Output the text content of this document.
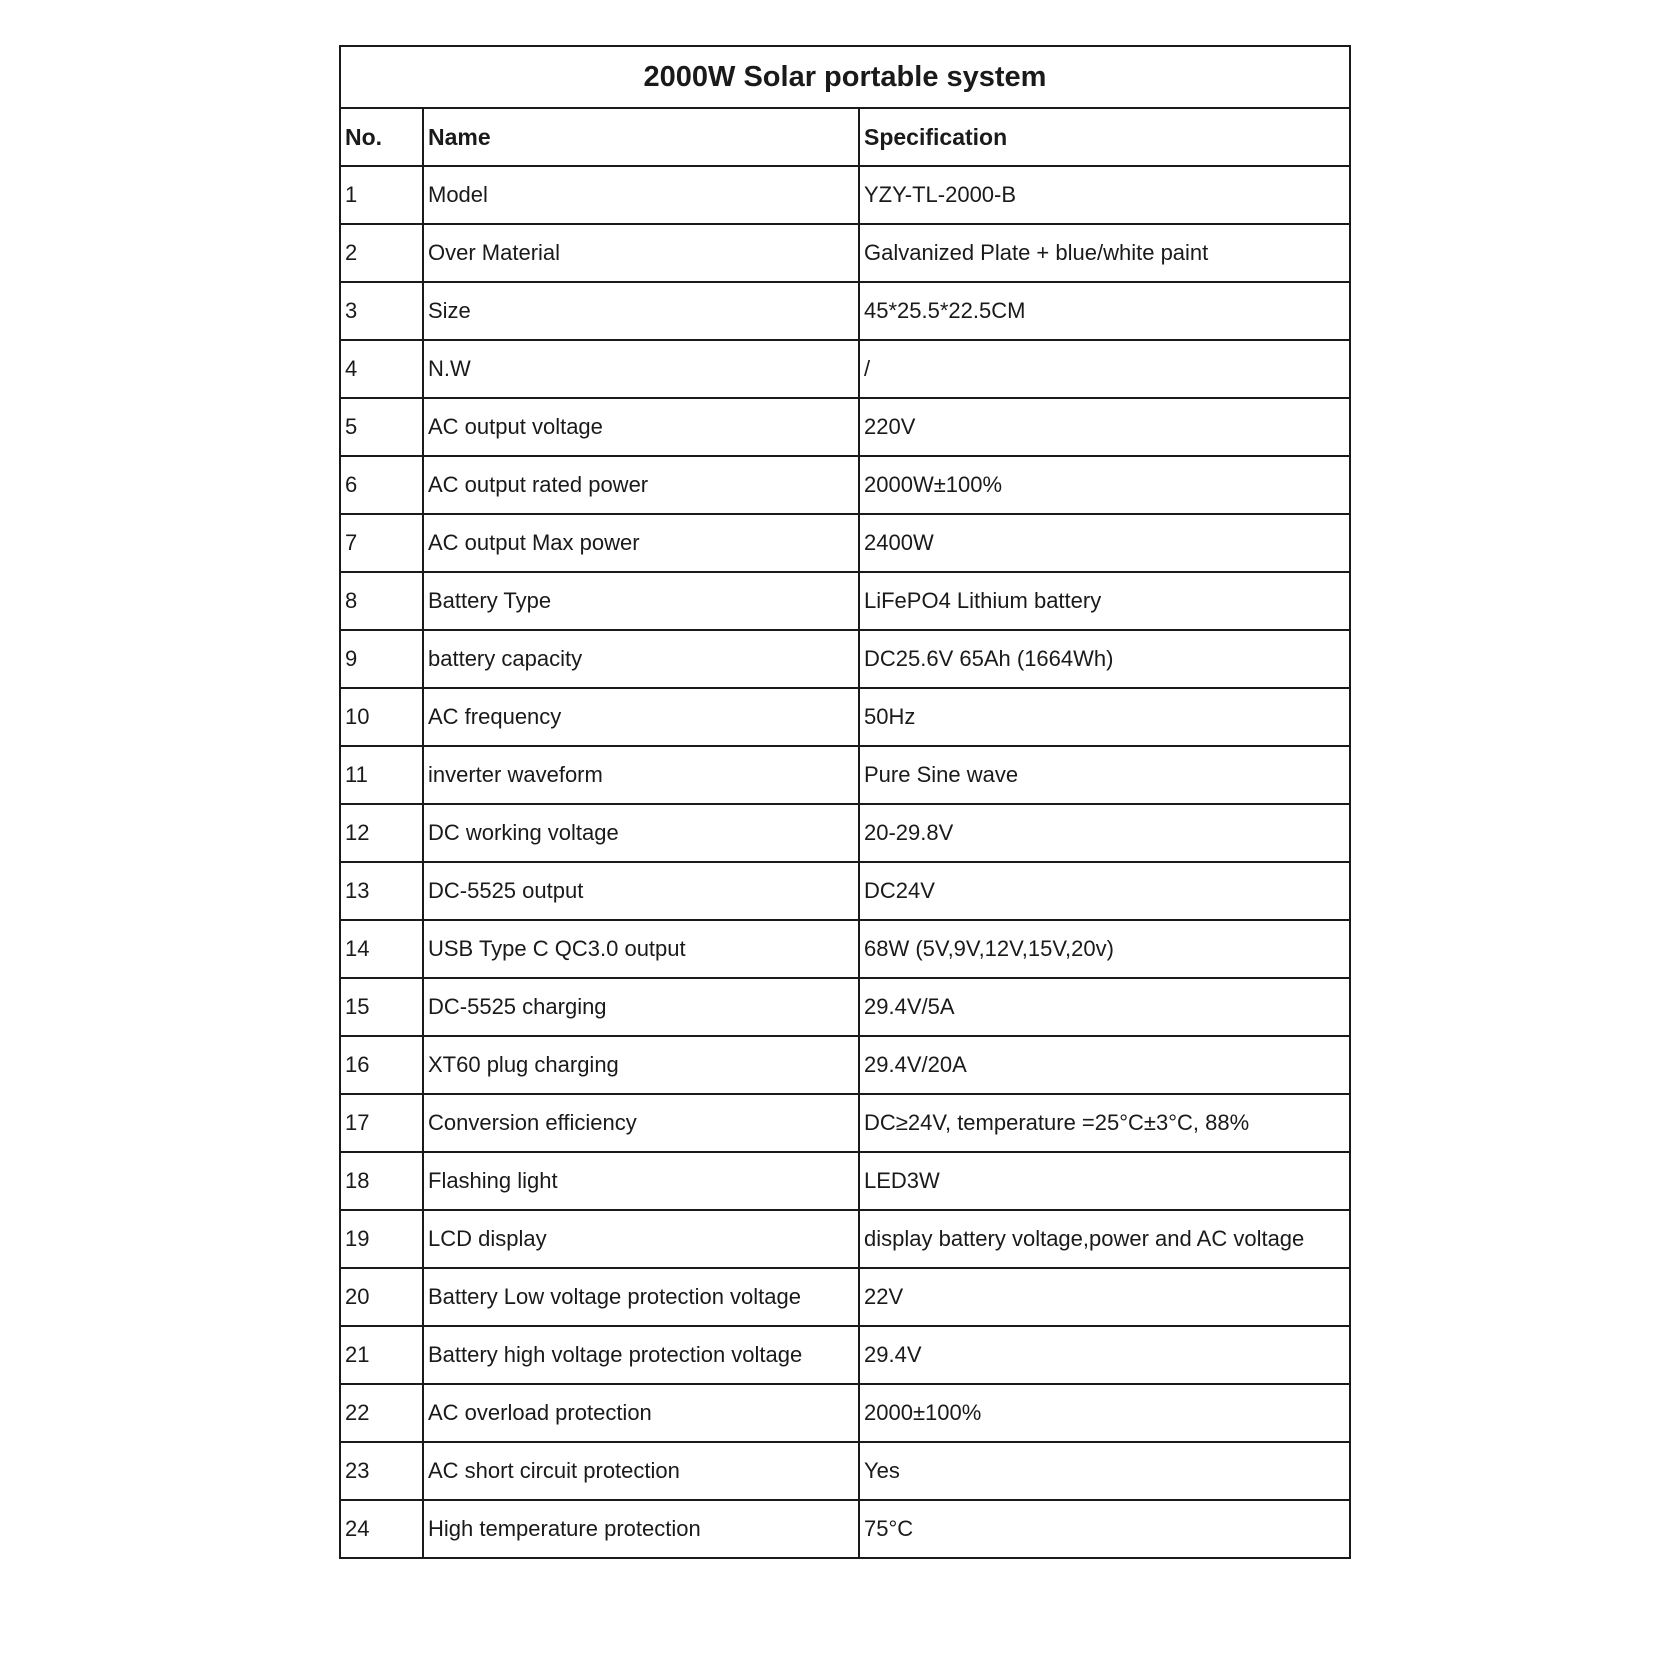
2000W Solar portable system		
No.	Name	Specification
1	Model	YZY-TL-2000-B
2	Over Material	Galvanized Plate + blue/white paint
3	Size	45*25.5*22.5CM
4	N.W	/
5	AC output voltage	220V
6	AC output rated power	2000W±100%
7	AC output Max power	2400W
8	Battery Type	LiFePO4 Lithium battery
9	battery capacity	DC25.6V 65Ah (1664Wh)
10	AC frequency	50Hz
11	inverter waveform	Pure Sine wave
12	DC working voltage	20-29.8V
13	DC-5525 output	DC24V
14	USB Type C QC3.0 output	68W (5V,9V,12V,15V,20v)
15	DC-5525 charging	29.4V/5A
16	XT60 plug charging	29.4V/20A
17	Conversion efficiency	DC≥24V, temperature =25°C±3°C, 88%
18	Flashing light	LED3W
19	LCD display	display battery voltage,power and AC voltage
20	Battery Low voltage protection voltage	22V
21	Battery high voltage protection voltage	29.4V
22	AC overload protection	2000±100%
23	AC short circuit protection	Yes
24	High temperature protection	75°C
